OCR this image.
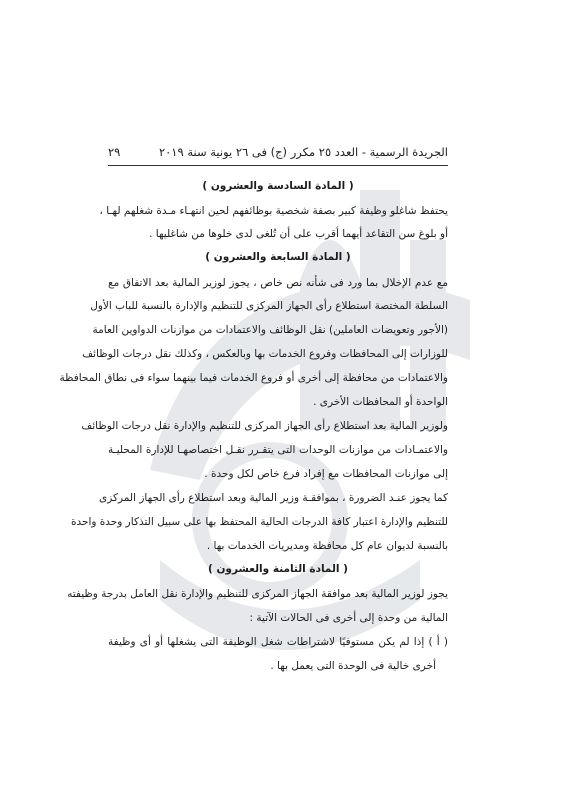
الجريدة الرسمية - العدد ٢٥ مكرر (ج) فى ٢٦ يونية سنة ٢٠١٩
٢٩
( المادة السادسة والعشرون )
يحتفظ شاغلو وظيفة كبير بصفة شخصية بوظائفهم لحين انتهـاء مـدة شغلهم لهـا ،
أو بلوغ سن التقاعد أيهما أقرب على أن تُلغى لدى خلوها من شاغليها .
( المادة السابعة والعشرون )
مع عدم الإخلال بما ورد فى شأنه نص خاص ، يجوز لوزير المالية بعد الاتفاق مع
السلطة المختصة استطلاع رأى الجهاز المركزى للتنظيم والإدارة بالنسبة للباب الأول
(الأجور وتعويضات العاملين) نقل الوظائف والاعتمادات من موازنات الدواوين العامة
للوزارات إلى المحافظات وفروع الخدمات بها وبالعكس ، وكذلك نقل درجات الوظائف
والاعتمادات من محافظة إلى أخرى أو فروع الخدمات فيما بينهما سواء فى نطاق المحافظة
الواحدة أو المحافظات الأخرى .
ولوزير المالية بعد استطلاع رأى الجهاز المركزى للتنظيم والإدارة نقل درجات الوظائف
والاعتمـادات من موازنات الوحدات التى يتقـرر نقـل اختصاصهـا للإدارة المحليـة
إلى موازنات المحافظات مع إفراد فرع خاص لكل وحدة .
كما يجوز عنـد الضرورة ، بموافقـة وزير المالية وبعد استطلاع رأى الجهاز المركزى
للتنظيم والإدارة اعتبار كافة الدرجات الحالية المحتفظ بها على سبيل التذكار وحدة واحدة
بالنسبة لديوان عام كل محافظة ومديريات الخدمات بها .
( المادة الثامنة والعشرون )
يجوز لوزير المالية بعد موافقة الجهاز المركزى للتنظيم والإدارة نقل العامل بدرجة وظيفته
المالية من وحدة إلى أخرى فى الحالات الآتية :
( أ ) إذا لم يكن مستوفيًا لاشتراطات شغل الوظيفة التى يشغلها أو أى وظيفة
أخرى خالية فى الوحدة التى يعمل بها .
